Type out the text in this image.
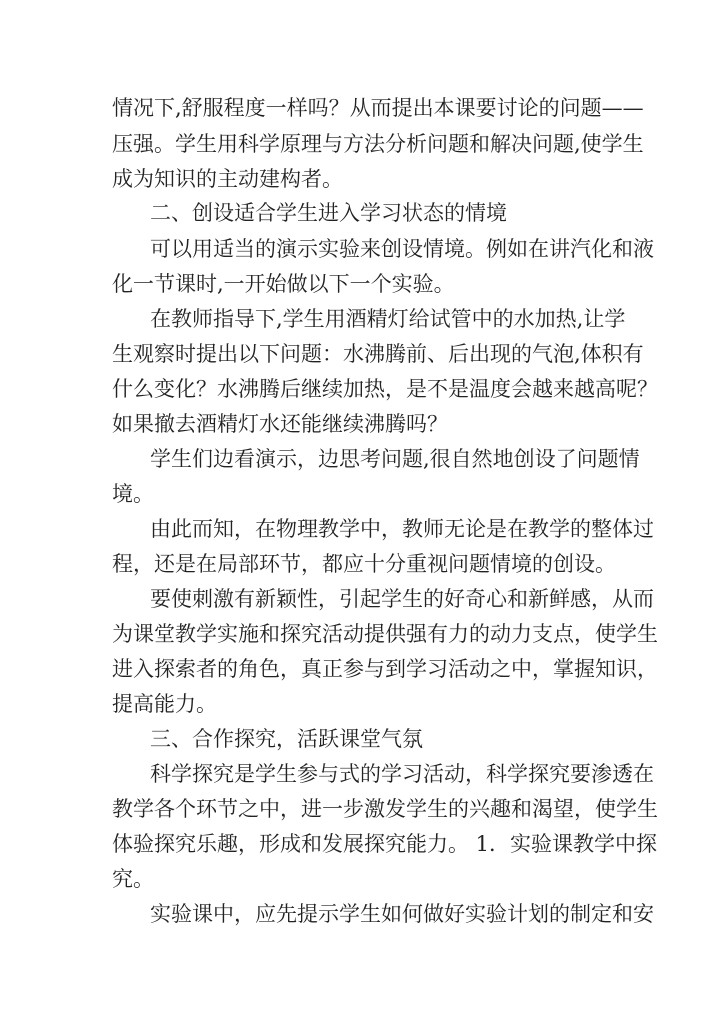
情况下,舒服程度一样吗？从而提出本课要讨论的问题——
压强。学生用科学原理与方法分析问题和解决问题,使学生
成为知识的主动建构者。
二、创设适合学生进入学习状态的情境
可以用适当的演示实验来创设情境。例如在讲汽化和液
化一节课时,一开始做以下一个实验。
在教师指导下,学生用酒精灯给试管中的水加热,让学
生观察时提出以下问题：水沸腾前、后出现的气泡,体积有
什么变化？水沸腾后继续加热，是不是温度会越来越高呢？
如果撤去酒精灯水还能继续沸腾吗？
学生们边看演示，边思考问题,很自然地创设了问题情
境。
由此而知，在物理教学中，教师无论是在教学的整体过
程，还是在局部环节，都应十分重视问题情境的创设。
要使刺激有新颖性，引起学生的好奇心和新鲜感，从而
为课堂教学实施和探究活动提供强有力的动力支点，使学生
进入探索者的角色，真正参与到学习活动之中，掌握知识，
提高能力。
三、合作探究，活跃课堂气氛
科学探究是学生参与式的学习活动，科学探究要渗透在
教学各个环节之中，进一步激发学生的兴趣和渴望，使学生
体验探究乐趣，形成和发展探究能力。 1．实验课教学中探
究。
实验课中，应先提示学生如何做好实验计划的制定和安
